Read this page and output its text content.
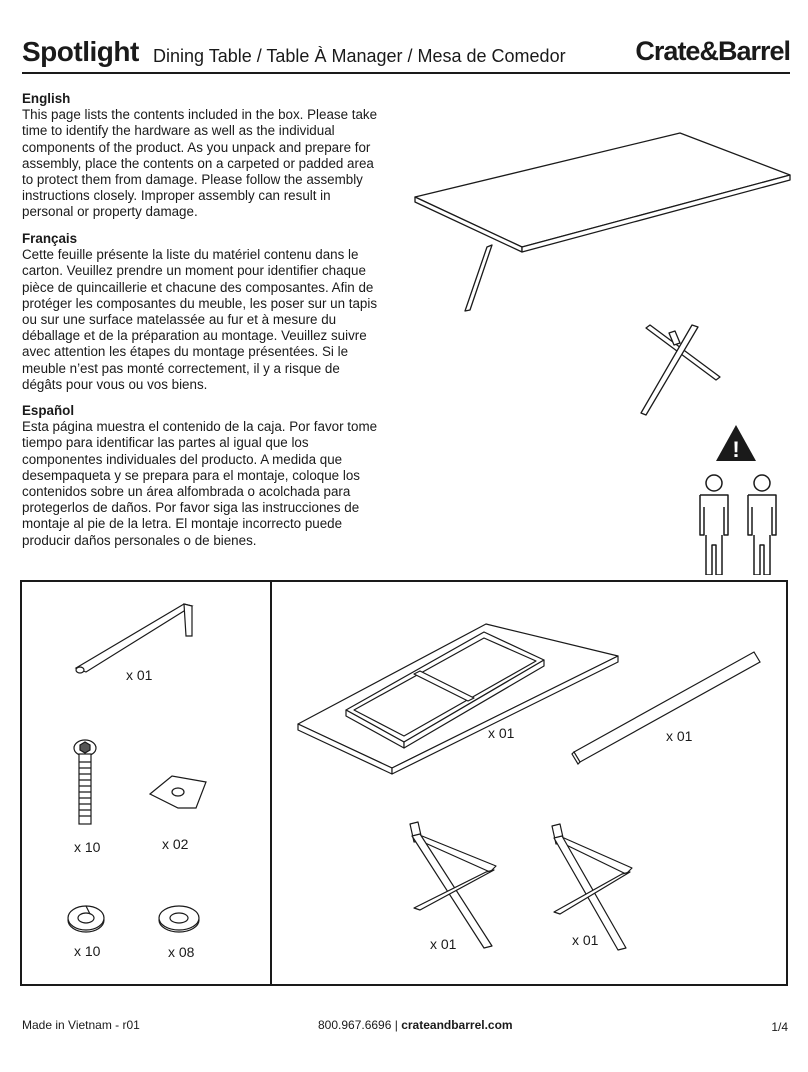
Spotlight Dining Table / Table À Manager / Mesa de Comedor	Crate&Barrel
English

This page lists the contents included in the box. Please take time to identify the hardware as well as the individual components of the product. As you unpack and prepare for assembly, place the contents on a carpeted or padded area to protect them from damage. Please follow the assembly instructions closely. Improper assembly can result in personal or property damage.

Français

Cette feuille présente la liste du matériel contenu dans le carton. Veuillez prendre un moment pour identifier chaque pièce de quincaillerie et chacune des composantes. Afin de protéger les composantes du meuble, les poser sur un tapis ou sur une surface matelassée au fur et à mesure du déballage et de la préparation au montage. Veuillez suivre avec attention les étapes du montage présentées. Si le meuble n’est pas monté correctement, il y a risque de dégâts pour vous ou vos biens.

Español

Esta página muestra el contenido de la caja. Por favor tome tiempo para identificar las partes al igual que los componentes individuales del producto. A medida que desempaqueta y se prepara para el montaje, coloque los contenidos sobre un área alfombrada o acolchada para protegerlos de daños. Por favor siga las instrucciones de montaje al pie de la letra. El montaje incorrecto puede producir daños personales o de bienes.

!
x 01
x 10	x 02
x 10	x 08
x 01	x 01
x 01	x 01
Made in Vietnam - r01	800.967.6696 | crateandbarrel.com	1/4
